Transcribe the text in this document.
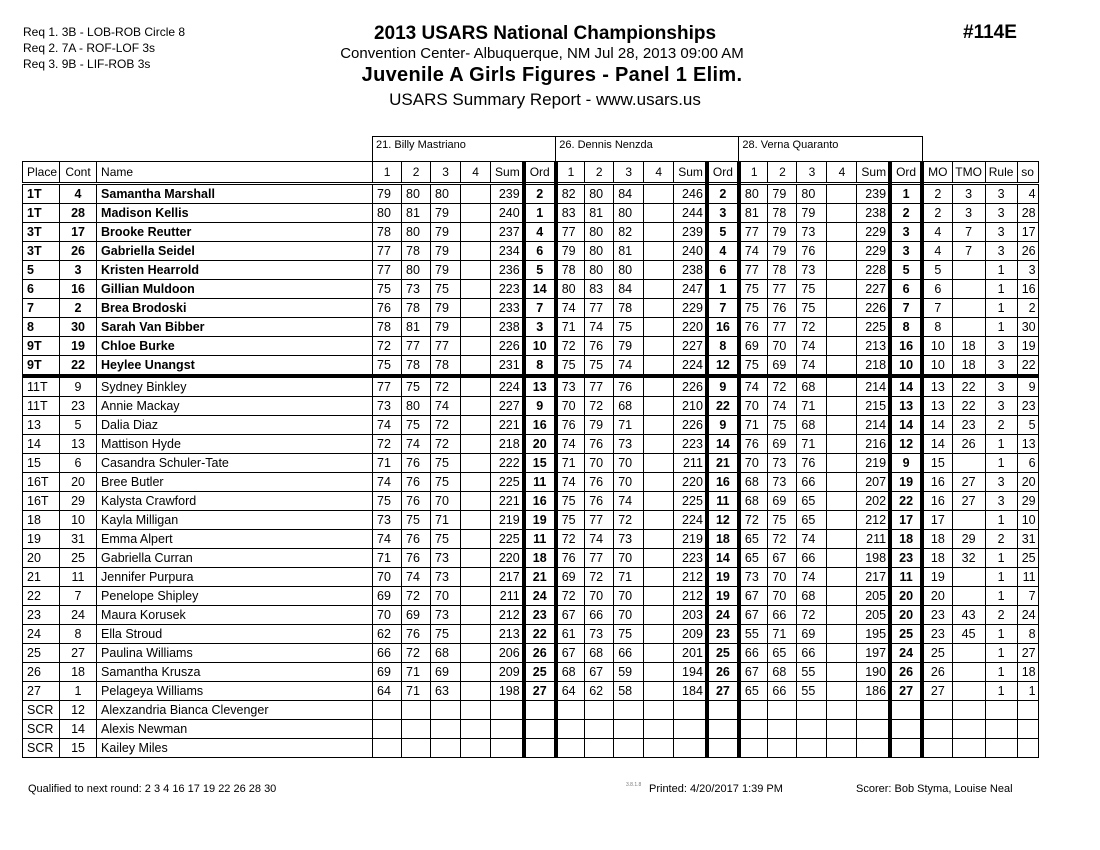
Req 1. 3B - LOB-ROB Circle 8
Req 2. 7A - ROF-LOF 3s
Req 3. 9B - LIF-ROB 3s
2013 USARS National Championships
Convention Center- Albuquerque, NM Jul 28, 2013 09:00 AM
Juvenile A Girls Figures - Panel 1 Elim.
USARS Summary Report - www.usars.us
#114E
			21. Billy Mastriano						26. Dennis Nenzda						28. Verna Quaranto									
Place	Cont	Name	1	2	3	4	Sum	Ord	1	2	3	4	Sum	Ord	1	2	3	4	Sum	Ord	MO	TMO	Rule	so
1T	4	Samantha Marshall	79	80	80		239	2	82	80	84		246	2	80	79	80		239	1	2	3	3	4
1T	28	Madison Kellis	80	81	79		240	1	83	81	80		244	3	81	78	79		238	2	2	3	3	28
3T	17	Brooke Reutter	78	80	79		237	4	77	80	82		239	5	77	79	73		229	3	4	7	3	17
3T	26	Gabriella Seidel	77	78	79		234	6	79	80	81		240	4	74	79	76		229	3	4	7	3	26
5	3	Kristen Hearrold	77	80	79		236	5	78	80	80		238	6	77	78	73		228	5	5		1	3
6	16	Gillian Muldoon	75	73	75		223	14	80	83	84		247	1	75	77	75		227	6	6		1	16
7	2	Brea Brodoski	76	78	79		233	7	74	77	78		229	7	75	76	75		226	7	7		1	2
8	30	Sarah Van Bibber	78	81	79		238	3	71	74	75		220	16	76	77	72		225	8	8		1	30
9T	19	Chloe Burke	72	77	77		226	10	72	76	79		227	8	69	70	74		213	16	10	18	3	19
9T	22	Heylee Unangst	75	78	78		231	8	75	75	74		224	12	75	69	74		218	10	10	18	3	22
11T	9	Sydney Binkley	77	75	72		224	13	73	77	76		226	9	74	72	68		214	14	13	22	3	9
11T	23	Annie Mackay	73	80	74		227	9	70	72	68		210	22	70	74	71		215	13	13	22	3	23
13	5	Dalia Diaz	74	75	72		221	16	76	79	71		226	9	71	75	68		214	14	14	23	2	5
14	13	Mattison Hyde	72	74	72		218	20	74	76	73		223	14	76	69	71		216	12	14	26	1	13
15	6	Casandra Schuler-Tate	71	76	75		222	15	71	70	70		211	21	70	73	76		219	9	15		1	6
16T	20	Bree Butler	74	76	75		225	11	74	76	70		220	16	68	73	66		207	19	16	27	3	20
16T	29	Kalysta Crawford	75	76	70		221	16	75	76	74		225	11	68	69	65		202	22	16	27	3	29
18	10	Kayla Milligan	73	75	71		219	19	75	77	72		224	12	72	75	65		212	17	17		1	10
19	31	Emma Alpert	74	76	75		225	11	72	74	73		219	18	65	72	74		211	18	18	29	2	31
20	25	Gabriella Curran	71	76	73		220	18	76	77	70		223	14	65	67	66		198	23	18	32	1	25
21	11	Jennifer Purpura	70	74	73		217	21	69	72	71		212	19	73	70	74		217	11	19		1	11
22	7	Penelope Shipley	69	72	70		211	24	72	70	70		212	19	67	70	68		205	20	20		1	7
23	24	Maura Korusek	70	69	73		212	23	67	66	70		203	24	67	66	72		205	20	23	43	2	24
24	8	Ella Stroud	62	76	75		213	22	61	73	75		209	23	55	71	69		195	25	23	45	1	8
25	27	Paulina Williams	66	72	68		206	26	67	68	66		201	25	66	65	66		197	24	25		1	27
26	18	Samantha Kruszа	69	71	69		209	25	68	67	59		194	26	67	68	55		190	26	26		1	18
27	1	Pelageya Williams	64	71	63		198	27	64	62	58		184	27	65	66	55		186	27	27		1	1
SCR	12	Alexzandria Bianca Clevenger																						
SCR	14	Alexis Newman																						
SCR	15	Kailey Miles																						
Qualified to next round: 2 3 4 16 17 19 22 26 28 30	3.8.1.8 Printed: 4/20/2017 1:39 PM	Scorer: Bob Styma, Louise Neal
